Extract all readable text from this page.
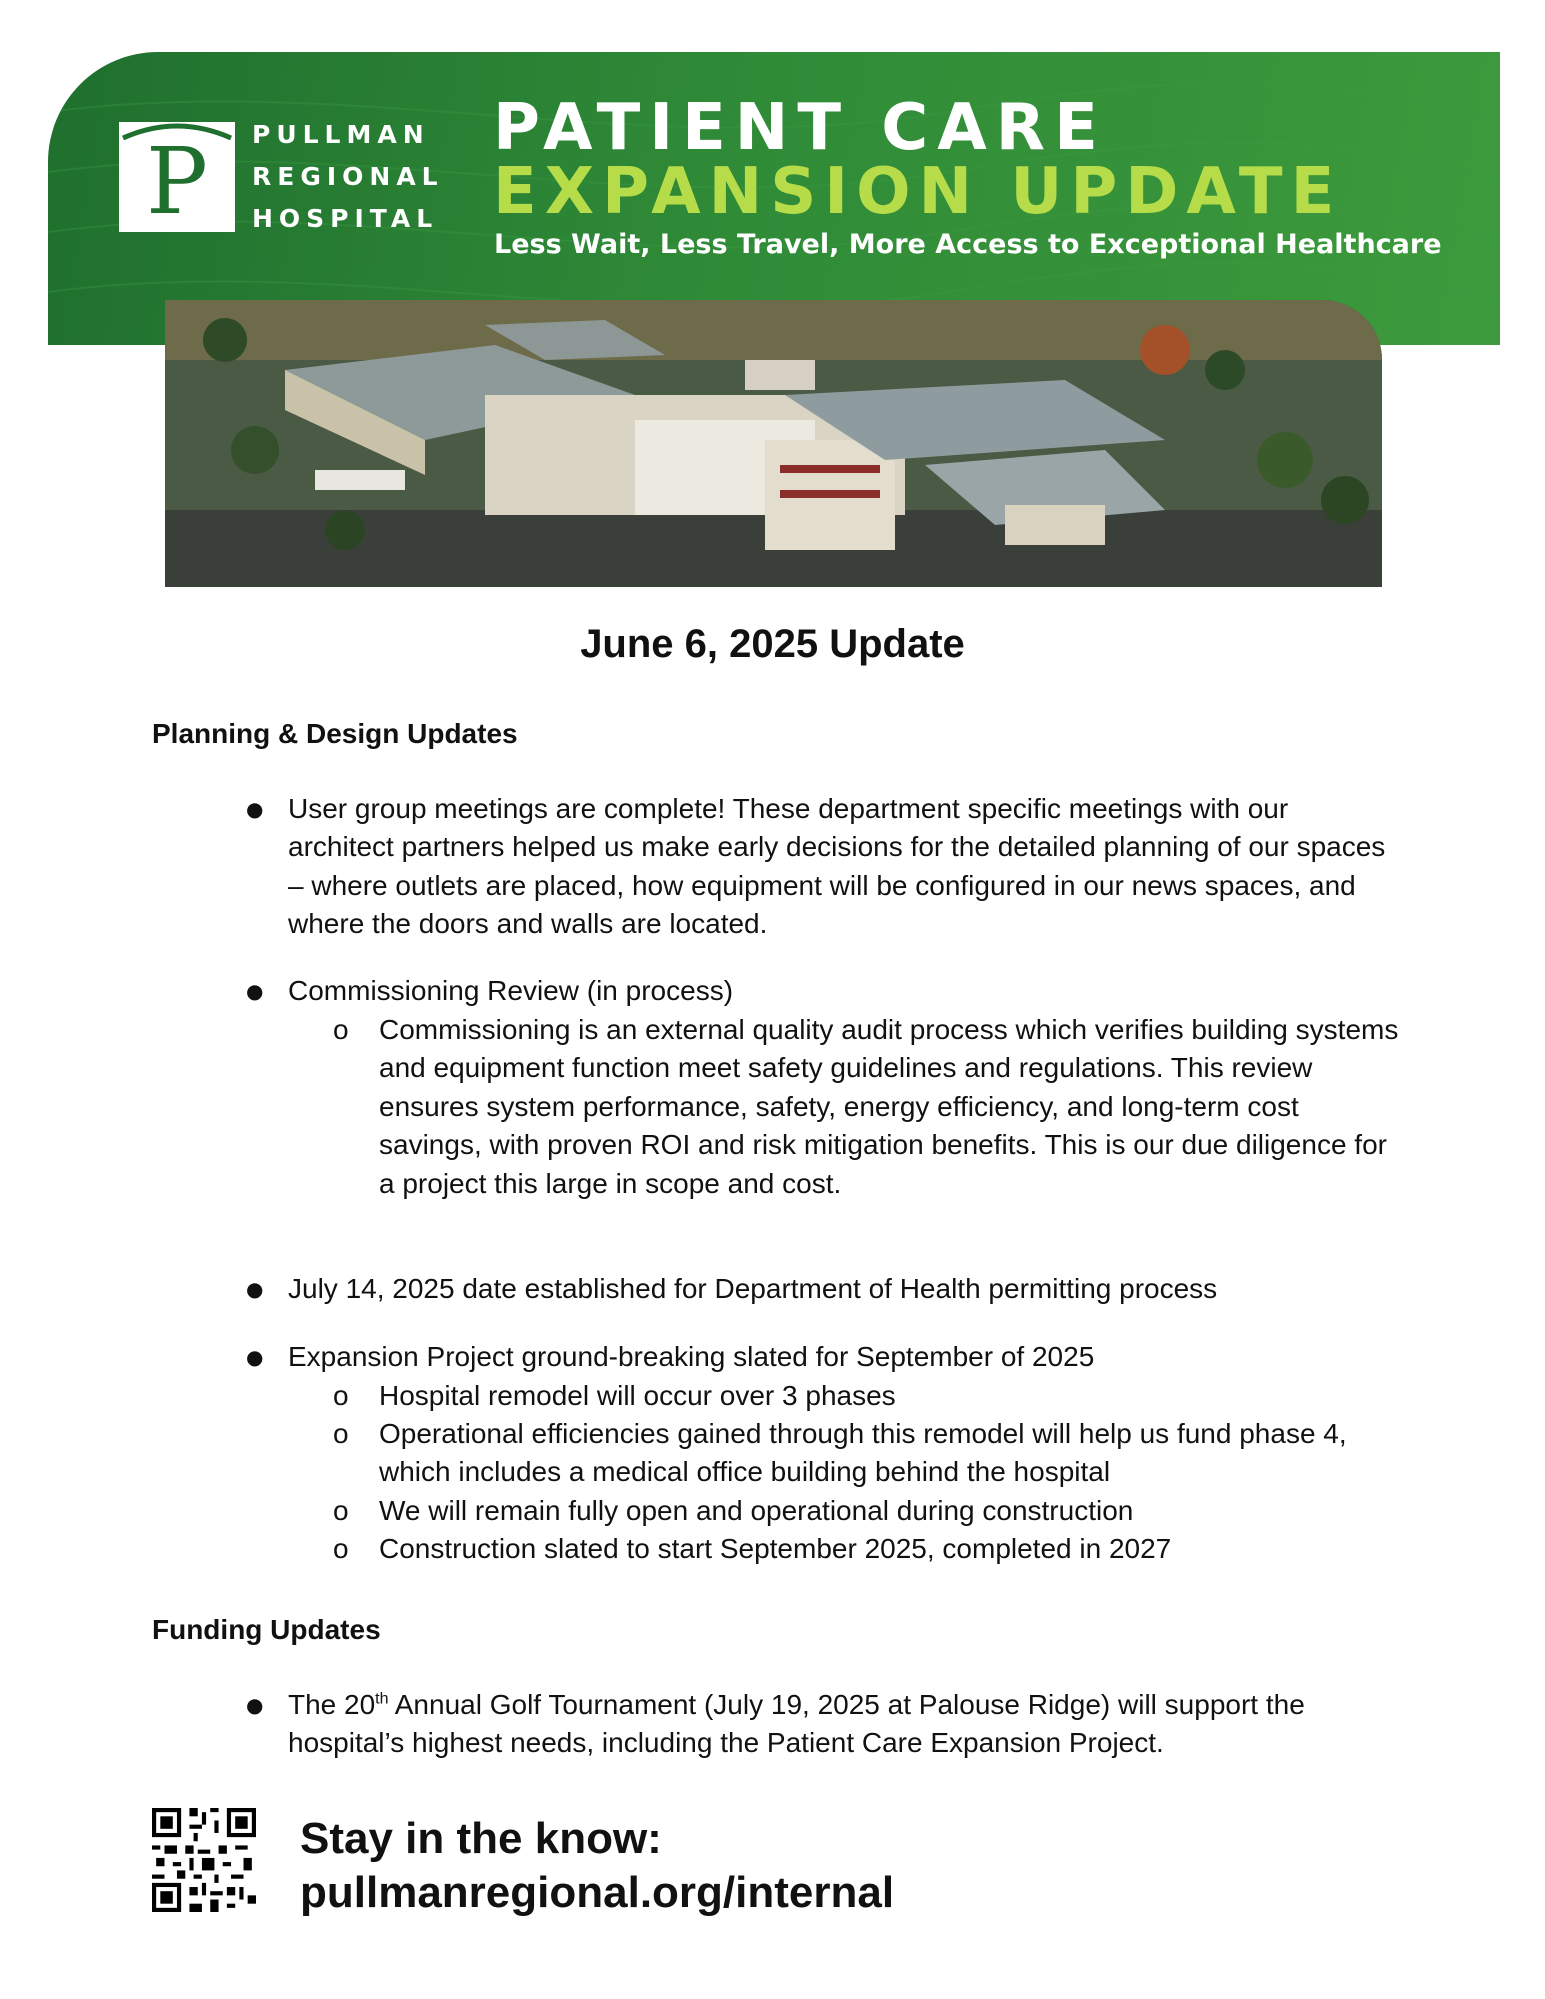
P	PULLMAN
REGIONAL
HOSPITAL
PATIENT CARE
EXPANSION UPDATE
Less Wait, Less Travel, More Access to Exceptional Healthcare
June 6, 2025 Update
Planning & Design Updates
● User group meetings are complete! These department specific meetings with our architect partners helped us make early decisions for the detailed planning of our spaces – where outlets are placed, how equipment will be configured in our news spaces, and where the doors and walls are located.
● Commissioning Review (in process)
o Commissioning is an external quality audit process which verifies building systems and equipment function meet safety guidelines and regulations. This review ensures system performance, safety, energy efficiency, and long-term cost savings, with proven ROI and risk mitigation benefits. This is our due diligence for a project this large in scope and cost.
● July 14, 2025 date established for Department of Health permitting process
● Expansion Project ground-breaking slated for September of 2025
o Hospital remodel will occur over 3 phases
o Operational efficiencies gained through this remodel will help us fund phase 4, which includes a medical office building behind the hospital
o We will remain fully open and operational during construction
o Construction slated to start September 2025, completed in 2027
Funding Updates
● The 20th Annual Golf Tournament (July 19, 2025 at Palouse Ridge) will support the hospital’s highest needs, including the Patient Care Expansion Project.
Stay in the know:
pullmanregional.org/internal
